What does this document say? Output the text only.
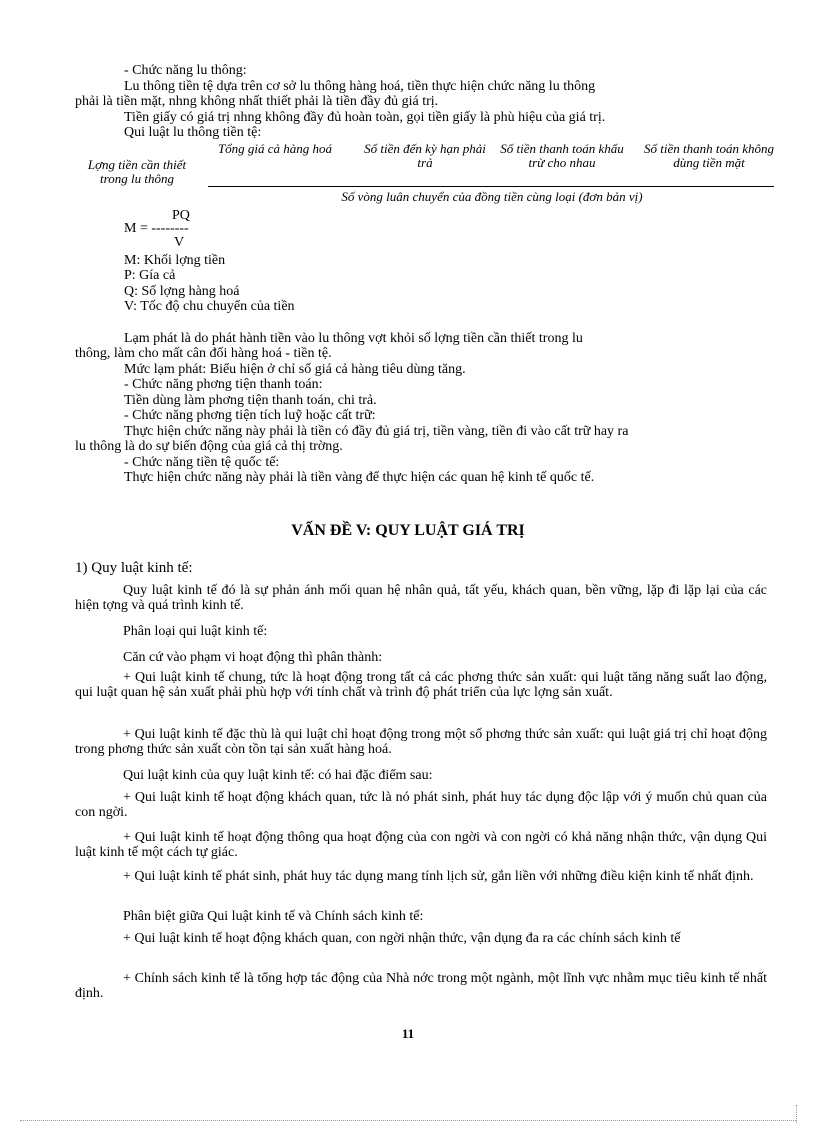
- Chức năng lu thông:
Lu thông tiền tệ dựa trên cơ sở lu thông hàng hoá, tiền thực hiện chức năng lu thông
phải là tiền mặt, nhng không nhất thiết phải là tiền đầy đủ giá trị.
Tiền giấy có giá trị nhng không đầy đủ hoàn toàn, gọi tiền giấy là phù hiệu của giá trị.
Qui luật lu thông tiền tệ:
Lợng tiền cần thiết trong lu thông
Tổng giá cả hàng hoá	Số tiền đến kỳ hạn phải trả
Số tiền thanh toán khấu trừ cho nhau
Số tiền thanh toán không dùng tiền mặt
Số vòng luân chuyển của đồng tiền cùng loại (đơn bản vị)
PQ
M = --------
V
M: Khối lợng tiền
P: Gía cả
Q: Số lợng hàng hoá
V: Tốc độ chu chuyển của tiền
Lạm phát là do phát hành tiền vào lu thông vợt khỏi số lợng tiền cần thiết trong lu
thông, làm cho mất cân đối hàng hoá - tiền tệ.
Mức lạm phát: Biểu hiện ở chỉ số giá cả hàng tiêu dùng tăng.
- Chức năng phơng tiện thanh toán:
Tiền dùng làm phơng tiện thanh toán, chi trả.
- Chức năng phơng tiện tích luỹ hoặc cất trữ:
Thực hiện chức năng này phải là tiền có đầy đủ giá trị, tiền vàng, tiền đi vào cất trữ hay ra
lu thông là do sự biến động của giá cả thị trờng.
- Chức năng tiền tệ quốc tế:
Thực hiện chức năng này phải là tiền vàng để thực hiện các quan hệ kinh tế quốc tế.
VẤN ĐỀ V: QUY LUẬT GIÁ TRỊ
1) Quy luật kinh tế:
Quy luật kinh tế đó là sự phản ánh mối quan hệ nhân quả, tất yếu, khách quan, bền vững, lặp đi lặp lại của các hiện tợng và quá trình kinh tế.
Phân loại qui luật kinh tế:
Căn cứ vào phạm vi hoạt động thì phân thành:
+ Qui luật kinh tế chung, tức là hoạt động trong tất cả các phơng thức sản xuất: qui luật tăng năng suất lao động, qui luật quan hệ sản xuất phải phù hợp với tính chất và trình độ phát triển của lực lợng sản xuất.
+ Qui luật kinh tế đặc thù là qui luật chỉ hoạt động trong một số phơng thức sản xuất: qui luật giá trị chỉ hoạt động trong phơng thức sản xuất còn tồn tại sản xuất hàng hoá.
Qui luật kinh của quy luật kinh tế: có hai đặc điểm sau:
+ Qui luật kinh tế hoạt động khách quan, tức là nó phát sinh, phát huy tác dụng độc lập với ý muốn chủ quan của con ngời.
+ Qui luật kinh tế hoạt động thông qua hoạt động của con ngời và con ngời có khả năng nhận thức, vận dụng Qui luật kinh tế một cách tự giác.
+ Qui luật kinh tế phát sinh, phát huy tác dụng mang tính lịch sử, gắn liền với những điều kiện kinh tế nhất định.
Phân biệt giữa Qui luật kinh tế và Chính sách kinh tế:
+ Qui luật kinh tế hoạt động khách quan, con ngời nhận thức, vận dụng đa ra các chính sách kinh tế
+ Chính sách kinh tế là tổng hợp tác động của Nhà nớc trong một ngành, một lĩnh vực nhằm mục tiêu kinh tế nhất định.
11
